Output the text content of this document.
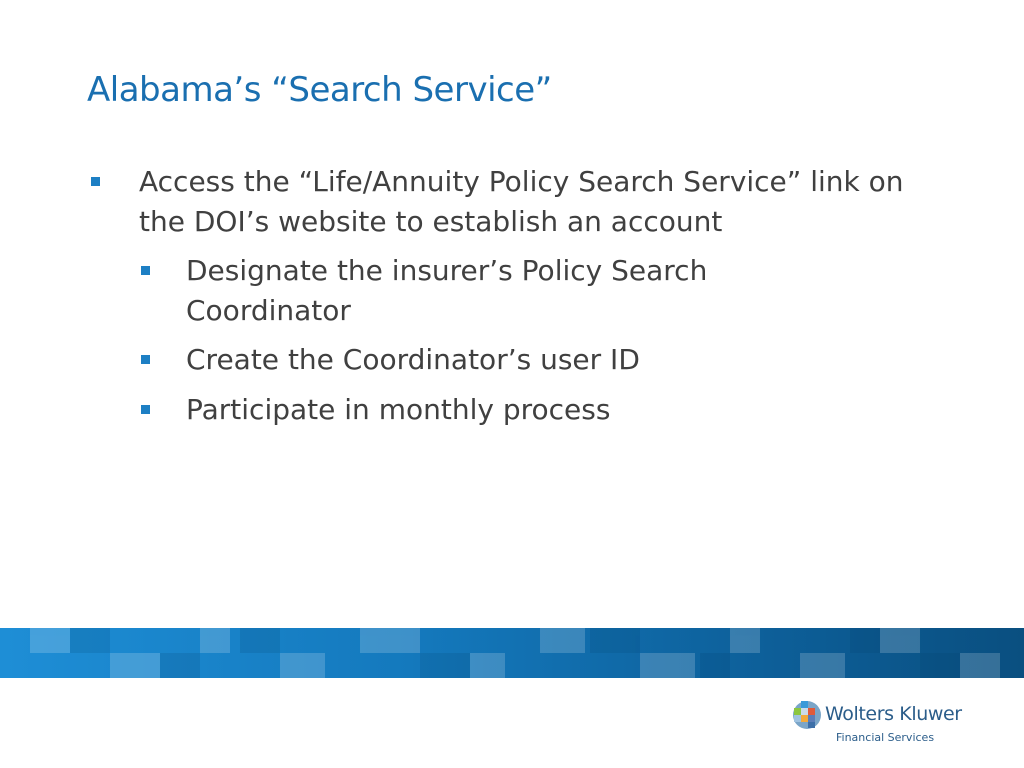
Alabama’s “Search Service”
Access the “Life/Annuity Policy Search Service” link on the DOI’s website to establish an account
Designate the insurer’s Policy Search Coordinator
Create the Coordinator’s user ID
Participate in monthly process
Wolters Kluwer
Financial Services
